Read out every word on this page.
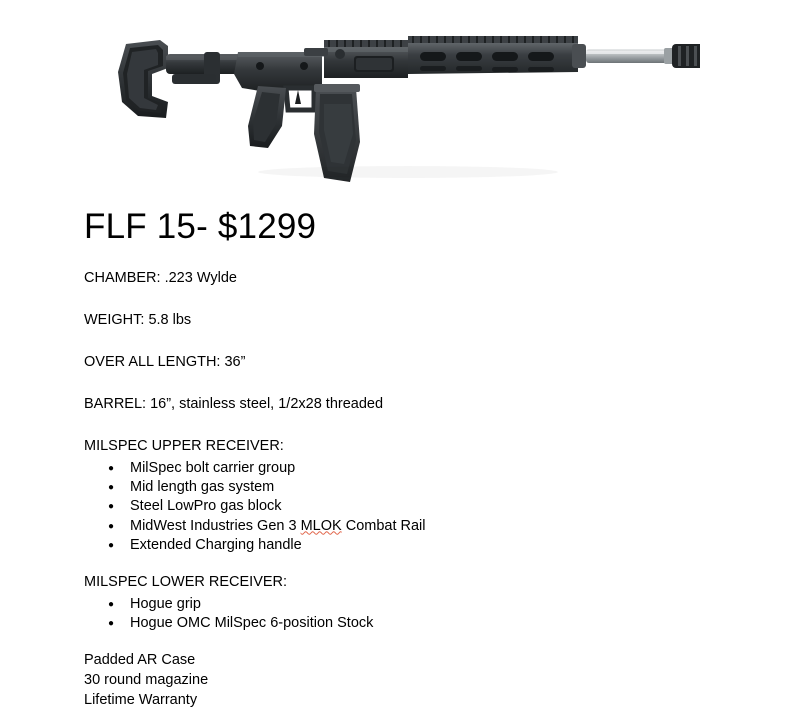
FLF 15- $1299

CHAMBER: .223 Wylde

WEIGHT: 5.8 lbs

OVER ALL LENGTH: 36”

BARREL: 16”, stainless steel, 1/2x28 threaded

MILSPEC UPPER RECEIVER:

● MilSpec bolt carrier group
● Mid length gas system
● Steel LowPro gas block
● MidWest Industries Gen 3 MLOK Combat Rail
● Extended Charging handle

MILSPEC LOWER RECEIVER:

● Hogue grip
● Hogue OMC MilSpec 6-position Stock
Padded AR Case
30 round magazine
Lifetime Warranty
